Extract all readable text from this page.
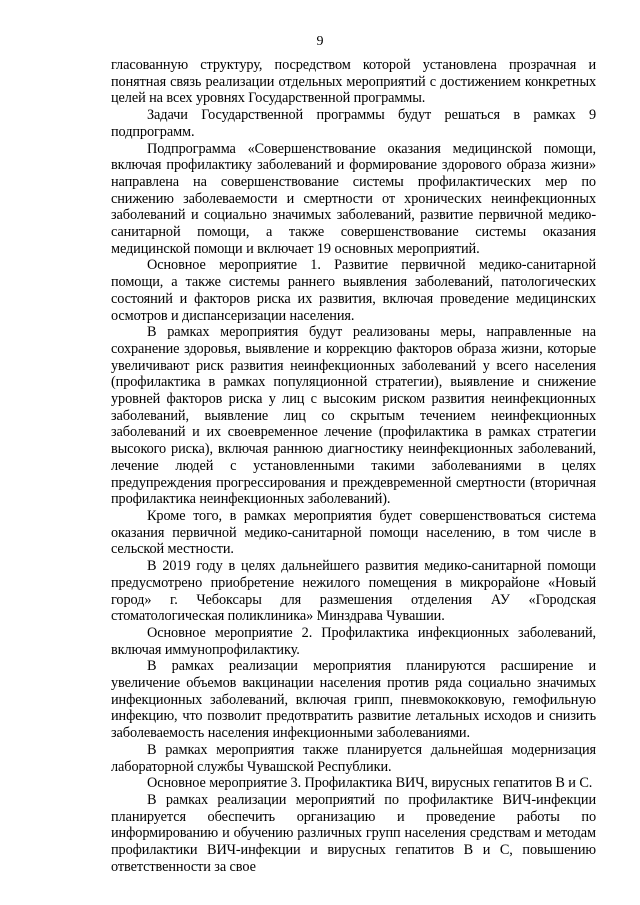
9

гласованную структуру, посредством которой установлена прозрачная и понятная связь реализации отдельных мероприятий с достижением конкретных целей на всех уровнях Государственной программы.

Задачи Государственной программы будут решаться в рамках 9 подпрограмм.

Подпрограмма «Совершенствование оказания медицинской помощи, включая профилактику заболеваний и формирование здорового образа жизни» направлена на совершенствование системы профилактических мер по снижению заболеваемости и смертности от хронических неинфекционных заболеваний и социально значимых заболеваний, развитие первичной медико-санитарной помощи, а также совершенствование системы оказания медицинской помощи и включает 19 основных мероприятий.

Основное мероприятие 1. Развитие первичной медико-санитарной помощи, а также системы раннего выявления заболеваний, патологических состояний и факторов риска их развития, включая проведение медицинских осмотров и диспансеризации населения.

В рамках мероприятия будут реализованы меры, направленные на сохранение здоровья, выявление и коррекцию факторов образа жизни, которые увеличивают риск развития неинфекционных заболеваний у всего населения (профилактика в рамках популяционной стратегии), выявление и снижение уровней факторов риска у лиц с высоким риском развития неинфекционных заболеваний, выявление лиц со скрытым течением неинфекционных заболеваний и их своевременное лечение (профилактика в рамках стратегии высокого риска), включая раннюю диагностику неинфекционных заболеваний, лечение людей с установленными такими заболеваниями в целях предупреждения прогрессирования и преждевременной смертности (вторичная профилактика неинфекционных заболеваний).

Кроме того, в рамках мероприятия будет совершенствоваться система оказания первичной медико-санитарной помощи населению, в том числе в сельской местности.

В 2019 году в целях дальнейшего развития медико-санитарной помощи предусмотрено приобретение нежилого помещения в микрорайоне «Новый город» г. Чебоксары для размешения отделения АУ «Городская стоматологическая поликлиника» Минздрава Чувашии.

Основное мероприятие 2. Профилактика инфекционных заболеваний, включая иммунопрофилактику.

В рамках реализации мероприятия планируются расширение и увеличение объемов вакцинации населения против ряда социально значимых инфекционных заболеваний, включая грипп, пневмококковую, гемофильную инфекцию, что позволит предотвратить развитие летальных исходов и снизить заболеваемость населения инфекционными заболеваниями.

В рамках мероприятия также планируется дальнейшая модернизация лабораторной службы Чувашской Республики.

Основное мероприятие 3. Профилактика ВИЧ, вирусных гепатитов В и С.

В рамках реализации мероприятий по профилактике ВИЧ-инфекции планируется обеспечить организацию и проведение работы по информированию и обучению различных групп населения средствам и методам профилактики ВИЧ-инфекции и вирусных гепатитов В и С, повышению ответственности за свое
